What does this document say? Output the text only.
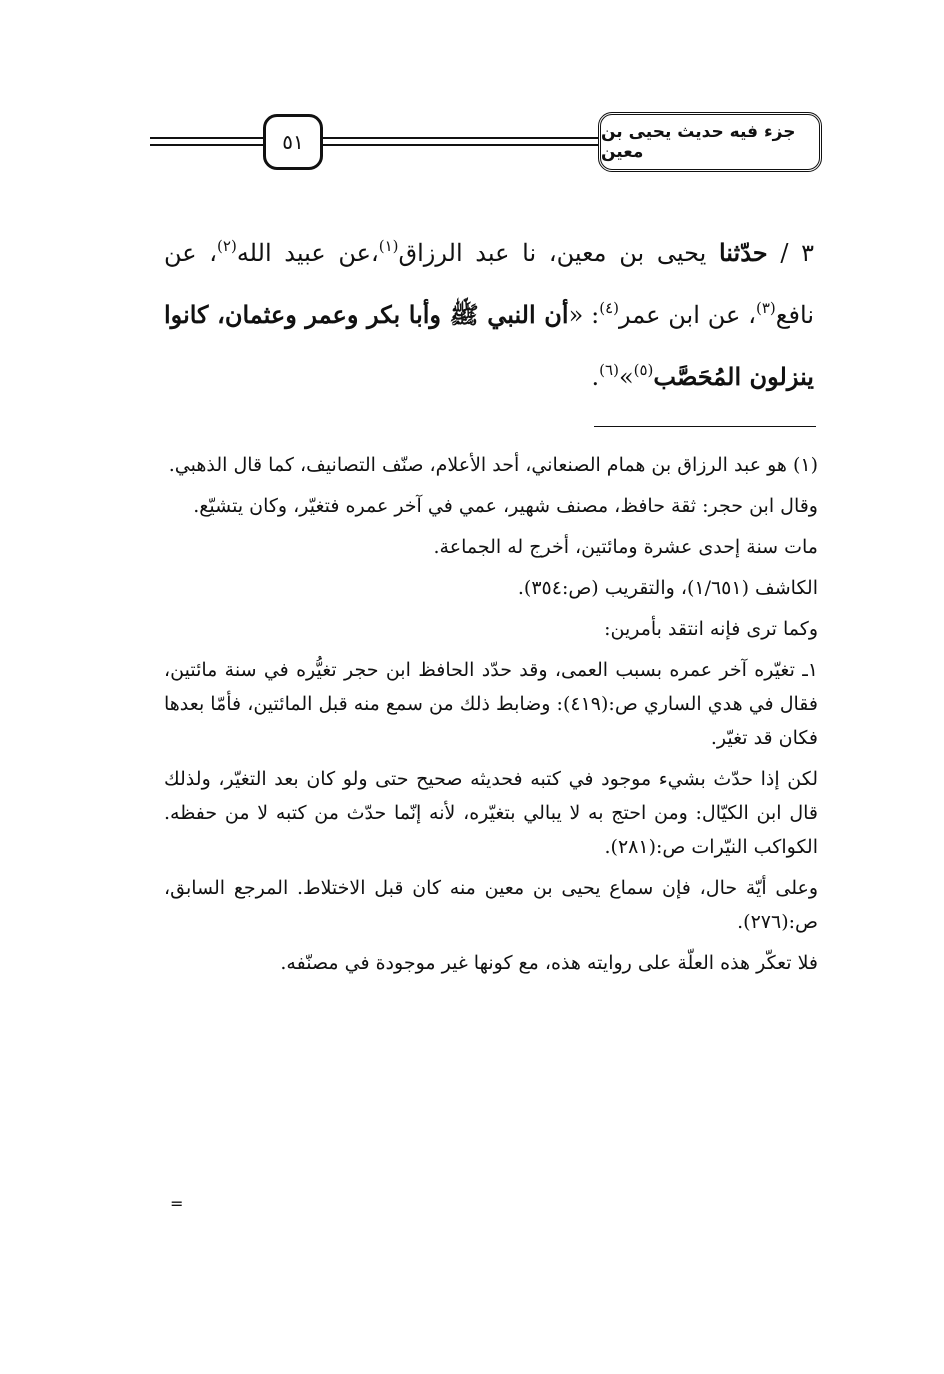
٥١	جزء فيه حديث يحيى بن معين

٣ / حدّثنا يحيى بن معين، نا عبد الرزاق$^{(١)}$،عن عبيد الله$^{(٢)}$، عن نافع$^{(٣)}$، عن ابن عمر$^{(٤)}$: «أن النبي ﷺ وأبا بكر وعمر وعثمان، كانوا ينزلون المُحَصَّب$^{(٥)}$»$^{(٦)}$.

(١) هو عبد الرزاق بن همام الصنعاني، أحد الأعلام، صنّف التصانيف، كما قال الذهبي.

وقال ابن حجر: ثقة حافظ، مصنف شهير، عمي في آخر عمره فتغيّر، وكان يتشيّع.

مات سنة إحدى عشرة ومائتين، أخرج له الجماعة.

الكاشف (١/٦٥١)، والتقريب (ص:٣٥٤).

وكما ترى فإنه انتقد بأمرين:

١ـ تغيّره آخر عمره بسبب العمى، وقد حدّد الحافظ ابن حجر تغيُّره في سنة مائتين، فقال في هدي الساري ص:(٤١٩): وضابط ذلك من سمع منه قبل المائتين، فأمّا بعدها فكان قد تغيّر.

لكن إذا حدّث بشيء موجود في كتبه فحديثه صحيح حتى ولو كان بعد التغيّر، ولذلك قال ابن الكيّال: ومن احتج به لا يبالي بتغيّره، لأنه إنّما حدّث من كتبه لا من حفظه. الكواكب النيّرات ص:(٢٨١).

وعلى أيّة حال، فإن سماع يحيى بن معين منه كان قبل الاختلاط. المرجع السابق، ص:(٢٧٦).

فلا تعكّر هذه العلّة على روايته هذه، مع كونها غير موجودة في مصنّفه.

=
